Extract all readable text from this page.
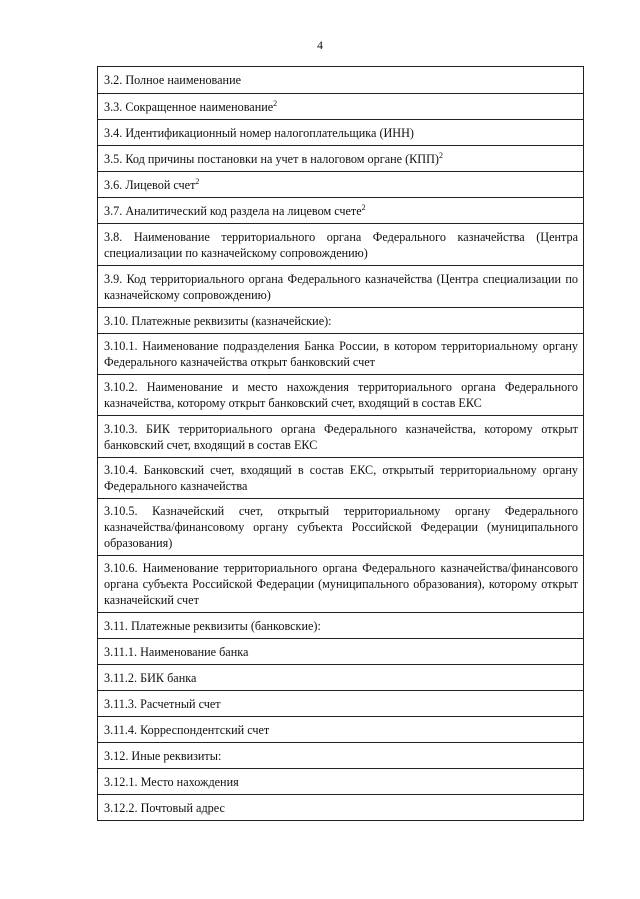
4
3.2. Полное наименование
3.3. Сокращенное наименование$^2$
3.4. Идентификационный номер налогоплательщика (ИНН)
3.5. Код причины постановки на учет в налоговом органе (КПП)$^2$
3.6. Лицевой счет$^2$
3.7. Аналитический код раздела на лицевом счете$^2$
3.8. Наименование территориального органа Федерального казначейства (Центра специализации по казначейскому сопровождению)
3.9. Код территориального органа Федерального казначейства (Центра специализации по казначейскому сопровождению)
3.10. Платежные реквизиты (казначейские):
3.10.1. Наименование подразделения Банка России, в котором территориальному органу Федерального казначейства открыт банковский счет
3.10.2. Наименование и место нахождения территориального органа Федерального казначейства, которому открыт банковский счет, входящий в состав ЕКС
3.10.3. БИК территориального органа Федерального казначейства, которому открыт банковский счет, входящий в состав ЕКС
3.10.4. Банковский счет, входящий в состав ЕКС, открытый территориальному органу Федерального казначейства
3.10.5. Казначейский счет, открытый территориальному органу Федерального казначейства/финансовому органу субъекта Российской Федерации (муниципального образования)
3.10.6. Наименование территориального органа Федерального казначейства/финансового органа субъекта Российской Федерации (муниципального образования), которому открыт казначейский счет
3.11. Платежные реквизиты (банковские):
3.11.1. Наименование банка
3.11.2. БИК банка
3.11.3. Расчетный счет
3.11.4. Корреспондентский счет
3.12. Иные реквизиты:
3.12.1. Место нахождения
3.12.2. Почтовый адрес
